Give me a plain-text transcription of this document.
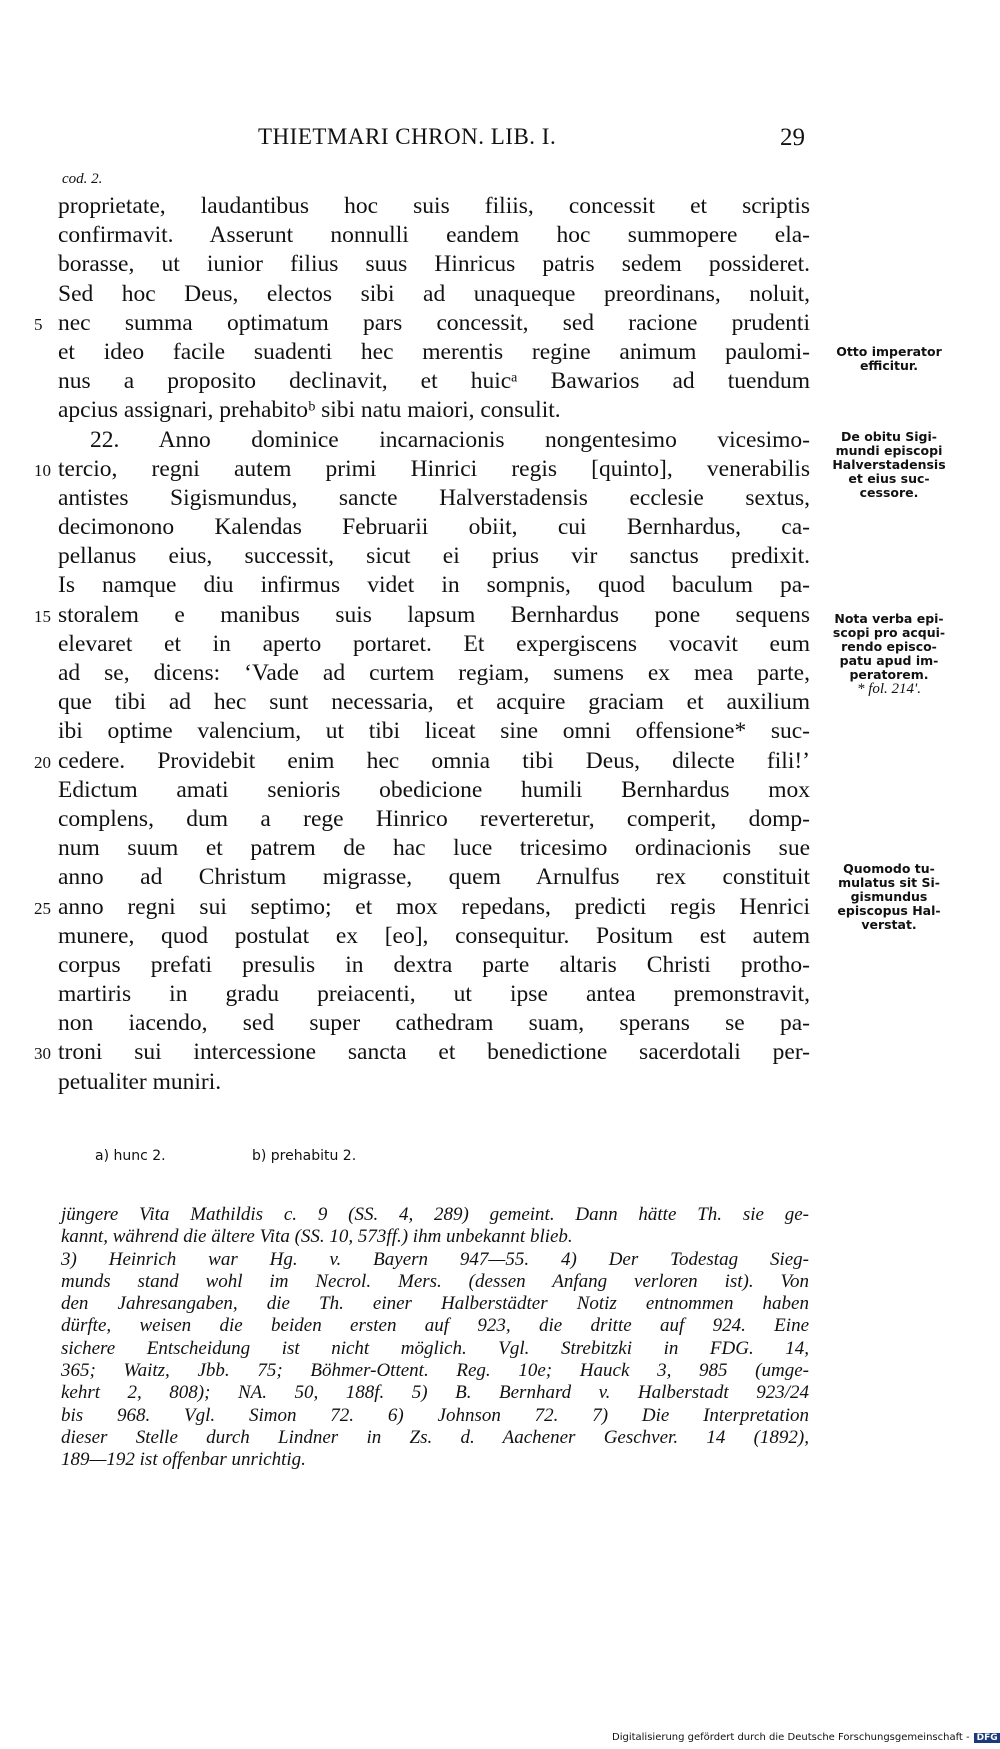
THIETMARI CHRON. LIB. I.	29
cod. 2.
proprietate, laudantibus hoc suis filiis, concessit et scriptis
confirmavit. Asserunt nonnulli eandem hoc summopere ela-
borasse, ut iunior filius suus Hinricus patris sedem possideret.
Sed hoc Deus, electos sibi ad unaqueque preordinans, noluit,
5 nec summa optimatum pars concessit, sed racione prudenti
et ideo facile suadenti hec merentis regine animum paulomi-
nus a proposito declinavit, et huicᵃ Bawarios ad tuendum
apcius assignari, prehabitoᵇ sibi natu maiori, consulit.
22. Anno dominice incarnacionis nongentesimo vicesimo-
10 tercio, regni autem primi Hinrici regis [quinto], venerabilis
antistes Sigismundus, sancte Halverstadensis ecclesie sextus,
decimonono Kalendas Februarii obiit, cui Bernhardus, ca-
pellanus eius, successit, sicut ei prius vir sanctus predixit.
Is namque diu infirmus videt in sompnis, quod baculum pa-
15 storalem e manibus suis lapsum Bernhardus pone sequens
elevaret et in aperto portaret. Et expergiscens vocavit eum
ad se, dicens: ‘Vade ad curtem regiam, sumens ex mea parte,
que tibi ad hec sunt necessaria, et acquire graciam et auxilium
ibi optime valencium, ut tibi liceat sine omni offensione* suc-
20 cedere. Providebit enim hec omnia tibi Deus, dilecte fili!’
Edictum amati senioris obedicione humili Bernhardus mox
complens, dum a rege Hinrico reverteretur, comperit, domp-
num suum et patrem de hac luce tricesimo ordinacionis sue
anno ad Christum migrasse, quem Arnulfus rex constituit
25 anno regni sui septimo; et mox repedans, predicti regis Henrici
munere, quod postulat ex [eo], consequitur. Positum est autem
corpus prefati presulis in dextra parte altaris Christi protho-
martiris in gradu preiacenti, ut ipse antea premonstravit,
non iacendo, sed super cathedram suam, sperans se pa-
30 troni sui intercessione sancta et benedictione sacerdotali per-
petualiter muniri.
Otto imperator
efficitur.
De obitu Sigi-
mundi episcopi
Halverstadensis
et eius suc-
cessore.
Nota verba epi-
scopi pro acqui-
rendo episco-
patu apud im-
peratorem.
* fol. 214'.
Quomodo tu-
mulatus sit Si-
gismundus
episcopus Hal-
verstat.
a) hunc 2.	b) prehabitu 2.
jüngere Vita Mathildis c. 9 (SS. 4, 289) gemeint. Dann hätte Th. sie ge-
kannt, während die ältere Vita (SS. 10, 573ff.) ihm unbekannt blieb.
3) Heinrich war Hg. v. Bayern 947—55. 4) Der Todestag Sieg-
munds stand wohl im Necrol. Mers. (dessen Anfang verloren ist). Von
den Jahresangaben, die Th. einer Halberstädter Notiz entnommen haben
dürfte, weisen die beiden ersten auf 923, die dritte auf 924. Eine
sichere Entscheidung ist nicht möglich. Vgl. Strebitzki in FDG. 14,
365; Waitz, Jbb. 75; Böhmer-Ottent. Reg. 10e; Hauck 3, 985 (umge-
kehrt 2, 808); NA. 50, 188f. 5) B. Bernhard v. Halberstadt 923/24
bis 968. Vgl. Simon 72. 6) Johnson 72. 7) Die Interpretation
dieser Stelle durch Lindner in Zs. d. Aachener Geschver. 14 (1892),
189—192 ist offenbar unrichtig.
Digitalisierung gefördert durch die Deutsche Forschungsgemeinschaft - DFG
